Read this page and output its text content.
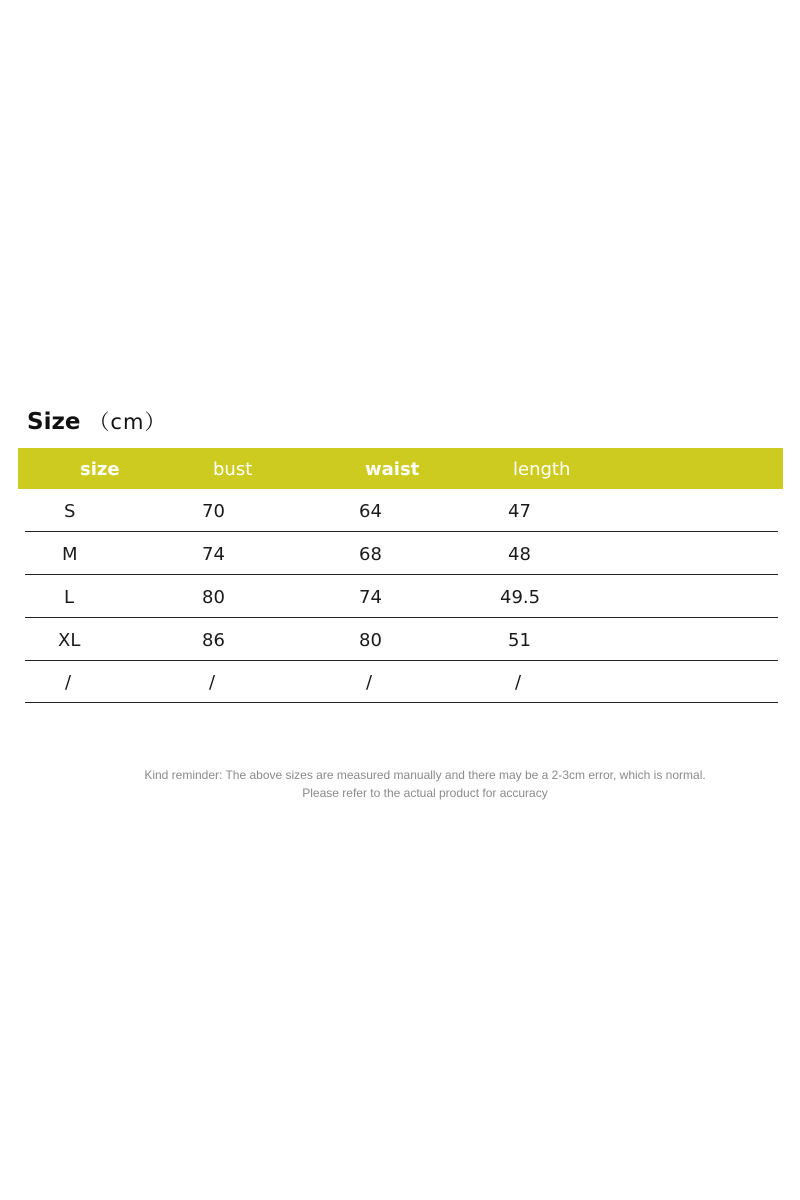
Size （cm）
size	bust	waist	length
S	70	64	47
M	74	68	48
L	80	74	49.5
XL	86	80	51
/	/	/	/
Kind reminder: The above sizes are measured manually and there may be a 2-3cm error, which is normal.
Please refer to the actual product for accuracy
